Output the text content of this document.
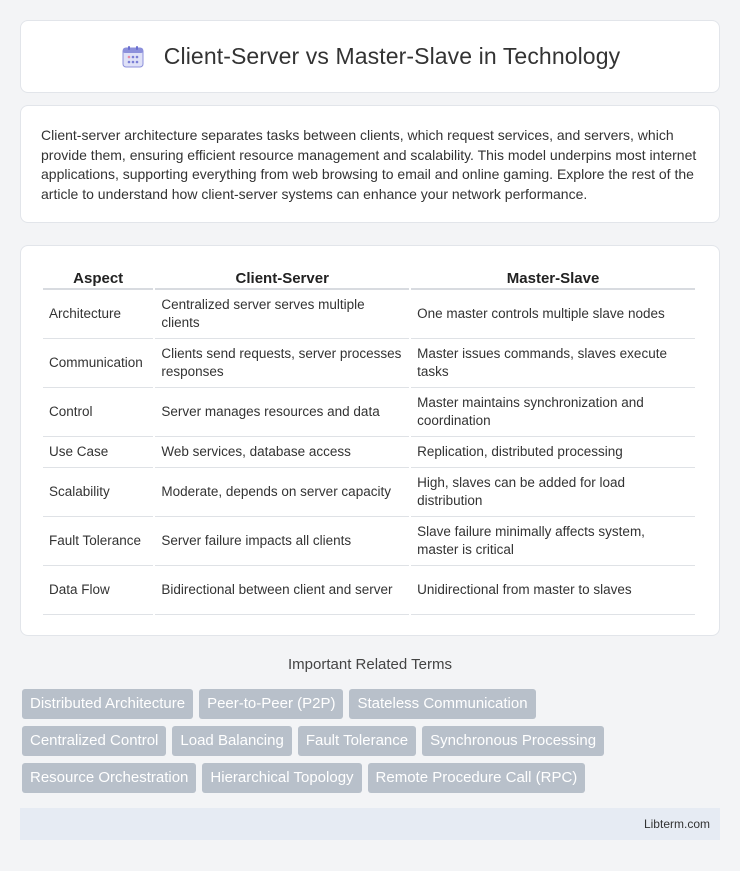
Client-Server vs Master-Slave in Technology

Client-server architecture separates tasks between clients, which request services, and servers, which provide them, ensuring efficient resource management and scalability. This model underpins most internet applications, supporting everything from web browsing to email and online gaming. Explore the rest of the article to understand how client-server systems can enhance your network performance.

Aspect	Client-Server	Master-Slave
Architecture	Centralized server serves multiple clients	One master controls multiple slave nodes
Communication	Clients send requests, server processes responses	Master issues commands, slaves execute tasks
Control	Server manages resources and data	Master maintains synchronization and coordination
Use Case	Web services, database access	Replication, distributed processing
Scalability	Moderate, depends on server capacity	High, slaves can be added for load distribution
Fault Tolerance	Server failure impacts all clients	Slave failure minimally affects system, master is critical
Data Flow	Bidirectional between client and server	Unidirectional from master to slaves
Important Related Terms
Distributed Architecture	Peer-to-Peer (P2P)	Stateless Communication
Centralized Control	Load Balancing	Fault Tolerance	Synchronous Processing
Resource Orchestration	Hierarchical Topology	Remote Procedure Call (RPC)
Libterm.com
